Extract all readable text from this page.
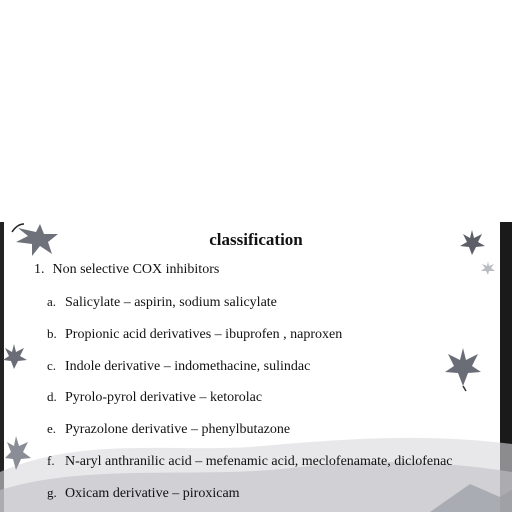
classification
1. Non selective COX inhibitors
a. Salicylate – aspirin, sodium salicylate
b. Propionic acid derivatives – ibuprofen , naproxen
c. Indole derivative – indomethacine, sulindac
d. Pyrolo-pyrol derivative – ketorolac
e. Pyrazolone derivative – phenylbutazone
f. N-aryl anthranilic acid – mefenamic acid, meclofenamate, diclofenac
g. Oxicam derivative – piroxicam
